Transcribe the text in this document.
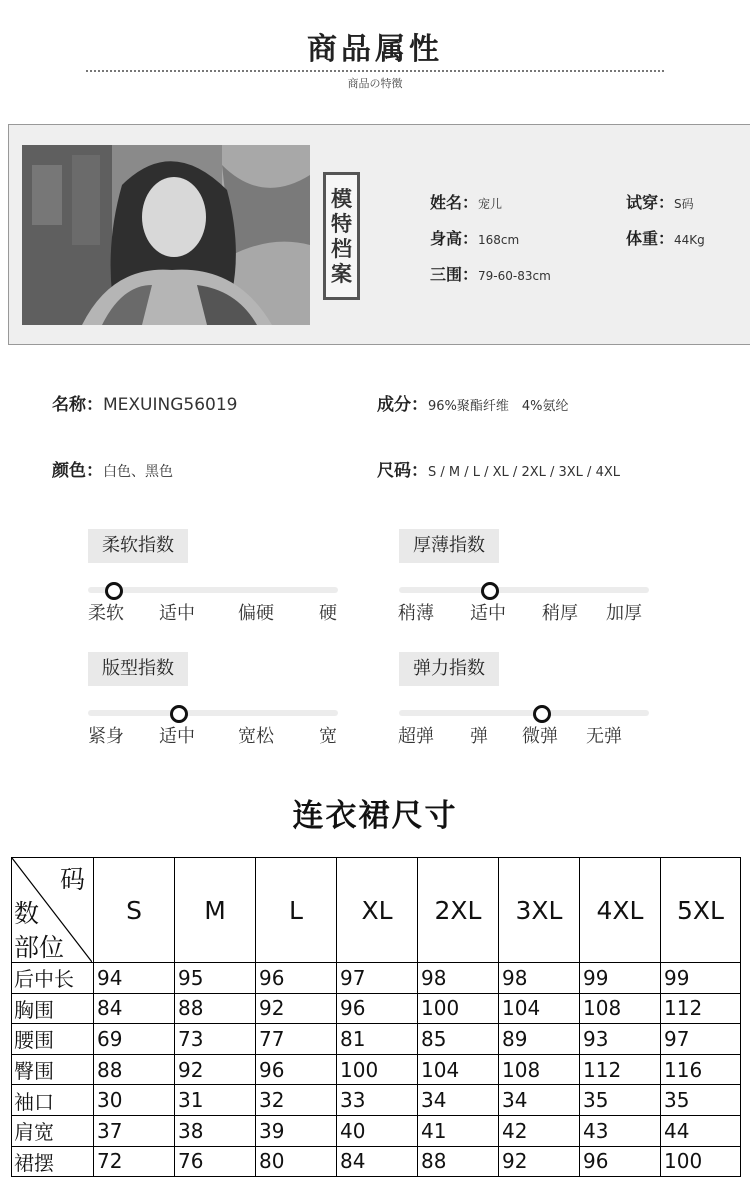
商品属性
商品の特徴
模特档案
姓名：宠儿	试穿：S码
身高：168cm	体重：44Kg
三围：79-60-83cm
名称：MEXUING56019	成分：96%聚酯纤维　4%氨纶
颜色：白色、黑色	尺码：S / M / L / XL / 2XL / 3XL / 4XL
柔软指数
柔软 适中 偏硬	硬
厚薄指数
稍薄 适中 稍厚 加厚
版型指数
紧身 适中 宽松	宽
弹力指数
超弹 弹 微弹 无弹
连衣裙尺寸
码
数
部位	S	M	L	XL	2XL	3XL	4XL	5XL
后中长	94	95	96	97	98	98	99	99
胸围	84	88	92	96	100	104	108	112
腰围	69	73	77	81	85	89	93	97
臀围	88	92	96	100	104	108	112	116
袖口	30	31	32	33	34	34	35	35
肩宽	37	38	39	40	41	42	43	44
裙摆	72	76	80	84	88	92	96	100
